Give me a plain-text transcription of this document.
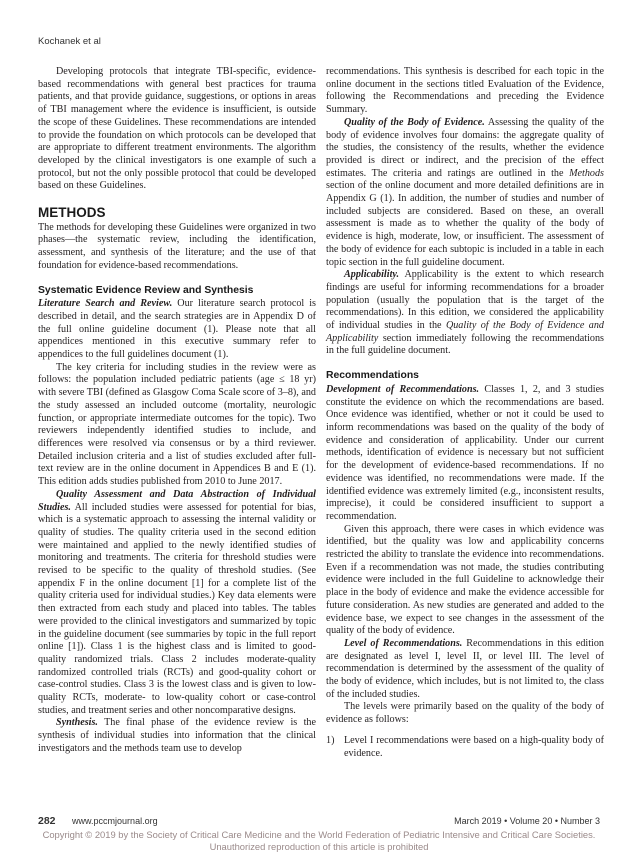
Kochanek et al

Developing protocols that integrate TBI-specific, evidence-based recommendations with general best practices for trauma patients, and that provide guidance, suggestions, or options in areas of TBI management where the evidence is insufficient, is outside the scope of these Guidelines. These recommendations are intended to provide the foundation on which protocols can be developed that are appropriate to different treatment environments. The algorithm developed by the clinical investigators is one example of such a protocol, but not the only possible protocol that could be developed based on these Guidelines.

METHODS

The methods for developing these Guidelines were organized in two phases—the systematic review, including the identification, assessment, and synthesis of the literature; and the use of that foundation for evidence-based recommendations.

Systematic Evidence Review and Synthesis

Literature Search and Review. Our literature search protocol is described in detail, and the search strategies are in Appendix D of the full online guideline document (1). Please note that all appendices mentioned in this executive summary refer to appendices to the full guidelines document (1).

The key criteria for including studies in the review were as follows: the population included pediatric patients (age ≤ 18 yr) with severe TBI (defined as Glasgow Coma Scale score of 3–8), and the study assessed an included outcome (mortality, neurologic function, or appropriate intermediate outcomes for the topic). Two reviewers independently identified studies to include, and differences were resolved via consensus or by a third reviewer. Detailed inclusion criteria and a list of studies excluded after full-text review are in the online document in Appendices B and E (1). This edition adds studies published from 2010 to June 2017.

Quality Assessment and Data Abstraction of Individual Studies. All included studies were assessed for potential for bias, which is a systematic approach to assessing the internal validity or quality of studies. The quality criteria used in the second edition were maintained and applied to the newly identified studies of monitoring and treatments. The criteria for threshold studies were revised to be specific to the quality of threshold studies. (See appendix F in the online document [1] for a complete list of the quality criteria used for individual studies.) Key data elements were then extracted from each study and placed into tables. The tables were provided to the clinical investigators and summarized by topic in the guideline document (see summaries by topic in the full report online [1]). Class 1 is the highest class and is limited to good-quality randomized trials. Class 2 includes moderate-quality randomized controlled trials (RCTs) and good-quality cohort or case-control studies. Class 3 is the lowest class and is given to low-quality RCTs, moderate- to low-quality cohort or case-control studies, and treatment series and other noncomparative designs.

Synthesis. The final phase of the evidence review is the synthesis of individual studies into information that the clinical investigators and the methods team use to develop

recommendations. This synthesis is described for each topic in the online document in the sections titled Evaluation of the Evidence, following the Recommendations and preceding the Evidence Summary.

Quality of the Body of Evidence. Assessing the quality of the body of evidence involves four domains: the aggregate quality of the studies, the consistency of the results, whether the evidence provided is direct or indirect, and the precision of the effect estimates. The criteria and ratings are outlined in the Methods section of the online document and more detailed definitions are in Appendix G (1). In addition, the number of studies and number of included subjects are considered. Based on these, an overall assessment is made as to whether the quality of the body of evidence is high, moderate, low, or insufficient. The assessment of the body of evidence for each subtopic is included in a table in each topic section in the full guideline document.

Applicability. Applicability is the extent to which research findings are useful for informing recommendations for a broader population (usually the population that is the target of the recommendations). In this edition, we considered the applicability of individual studies in the Quality of the Body of Evidence and Applicability section immediately following the recommendations in the full guideline document.

Recommendations

Development of Recommendations. Classes 1, 2, and 3 studies constitute the evidence on which the recommendations are based. Once evidence was identified, whether or not it could be used to inform recommendations was based on the quality of the body of evidence and consideration of applicability. Under our current methods, identification of evidence is necessary but not sufficient for the development of evidence-based recommendations. If no evidence was identified, no recommendations were made. If the identified evidence was extremely limited (e.g., inconsistent results, imprecise), it could be considered insufficient to support a recommendation.

Given this approach, there were cases in which evidence was identified, but the quality was low and applicability concerns restricted the ability to translate the evidence into recommendations. Even if a recommendation was not made, the studies contributing evidence were included in the full Guideline to acknowledge their place in the body of evidence and make the evidence accessible for future consideration. As new studies are generated and added to the evidence base, we expect to see changes in the assessment of the quality of the body of evidence.

Level of Recommendations. Recommendations in this edition are designated as level I, level II, or level III. The level of recommendation is determined by the assessment of the quality of the body of evidence, which includes, but is not limited to, the class of the included studies.

The levels were primarily based on the quality of the body of evidence as follows:

1) Level I recommendations were based on a high-quality body of evidence.
282 www.pccmjournal.org	March 2019 • Volume 20 • Number 3
Copyright © 2019 by the Society of Critical Care Medicine and the World Federation of Pediatric Intensive and Critical Care Societies.
Unauthorized reproduction of this article is prohibited
